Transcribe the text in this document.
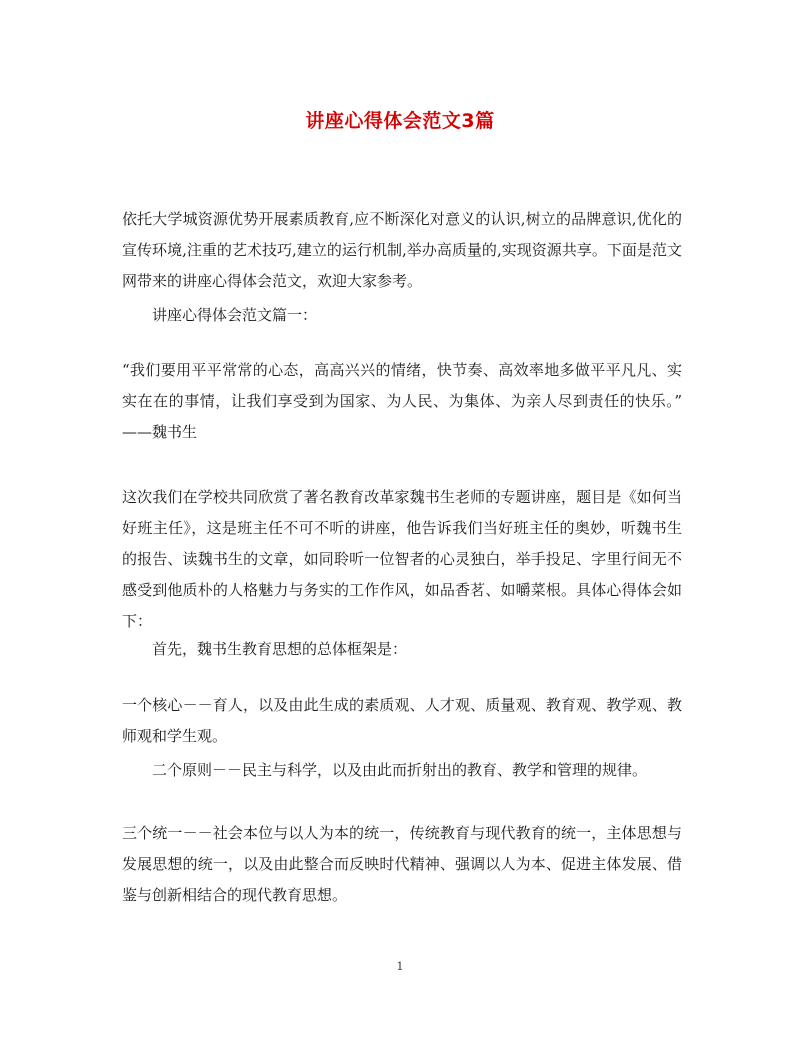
讲座心得体会范文3篇
依托大学城资源优势开展素质教育,应不断深化对意义的认识,树立的品牌意识,优化的宣传环境,注重的艺术技巧,建立的运行机制,举办高质量的,实现资源共享。下面是范文网带来的讲座心得体会范文，欢迎大家参考。
讲座心得体会范文篇一：
“我们要用平平常常的心态，高高兴兴的情绪，快节奏、高效率地多做平平凡凡、实实在在的事情，让我们享受到为国家、为人民、为集体、为亲人尽到责任的快乐。” ——魏书生
这次我们在学校共同欣赏了著名教育改革家魏书生老师的专题讲座，题目是《如何当好班主任》，这是班主任不可不听的讲座，他告诉我们当好班主任的奥妙，听魏书生的报告、读魏书生的文章，如同聆听一位智者的心灵独白，举手投足、字里行间无不感受到他质朴的人格魅力与务实的工作作风，如品香茗、如嚼菜根。具体心得体会如下：
首先，魏书生教育思想的总体框架是：
一个核心－－育人，以及由此生成的素质观、人才观、质量观、教育观、教学观、教师观和学生观。
二个原则－－民主与科学，以及由此而折射出的教育、教学和管理的规律。
三个统一－－社会本位与以人为本的统一，传统教育与现代教育的统一，主体思想与发展思想的统一，以及由此整合而反映时代精神、强调以人为本、促进主体发展、借鉴与创新相结合的现代教育思想。
1
